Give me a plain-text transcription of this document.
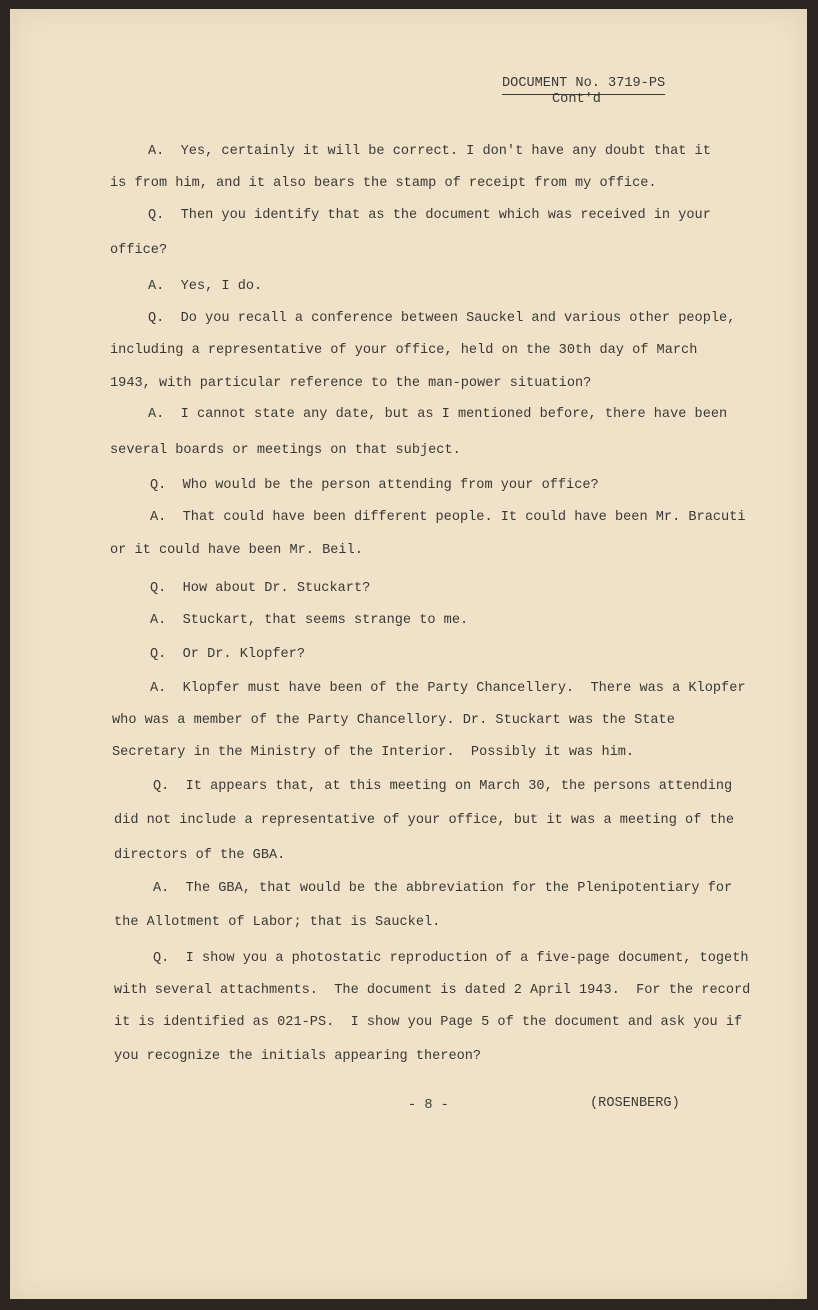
DOCUMENT No. 3719-PS
Cont'd
A.  Yes, certainly it will be correct. I don't have any doubt that it
is from him, and it also bears the stamp of receipt from my office.
Q.  Then you identify that as the document which was received in your
office?
A.  Yes, I do.
Q.  Do you recall a conference between Sauckel and various other people,
including a representative of your office, held on the 30th day of March
1943, with particular reference to the man-power situation?
A.  I cannot state any date, but as I mentioned before, there have been
several boards or meetings on that subject.
Q.  Who would be the person attending from your office?
A.  That could have been different people. It could have been Mr. Bracuti
or it could have been Mr. Beil.
Q.  How about Dr. Stuckart?
A.  Stuckart, that seems strange to me.
Q.  Or Dr. Klopfer?
A.  Klopfer must have been of the Party Chancellery.  There was a Klopfer
who was a member of the Party Chancellory. Dr. Stuckart was the State
Secretary in the Ministry of the Interior.  Possibly it was him.
Q.  It appears that, at this meeting on March 30, the persons attending
did not include a representative of your office, but it was a meeting of the
directors of the GBA.
A.  The GBA, that would be the abbreviation for the Plenipotentiary for
the Allotment of Labor; that is Sauckel.
Q.  I show you a photostatic reproduction of a five-page document, togeth
with several attachments.  The document is dated 2 April 1943.  For the record
it is identified as 021-PS.  I show you Page 5 of the document and ask you if
you recognize the initials appearing thereon?
- 8 -	(ROSENBERG)
